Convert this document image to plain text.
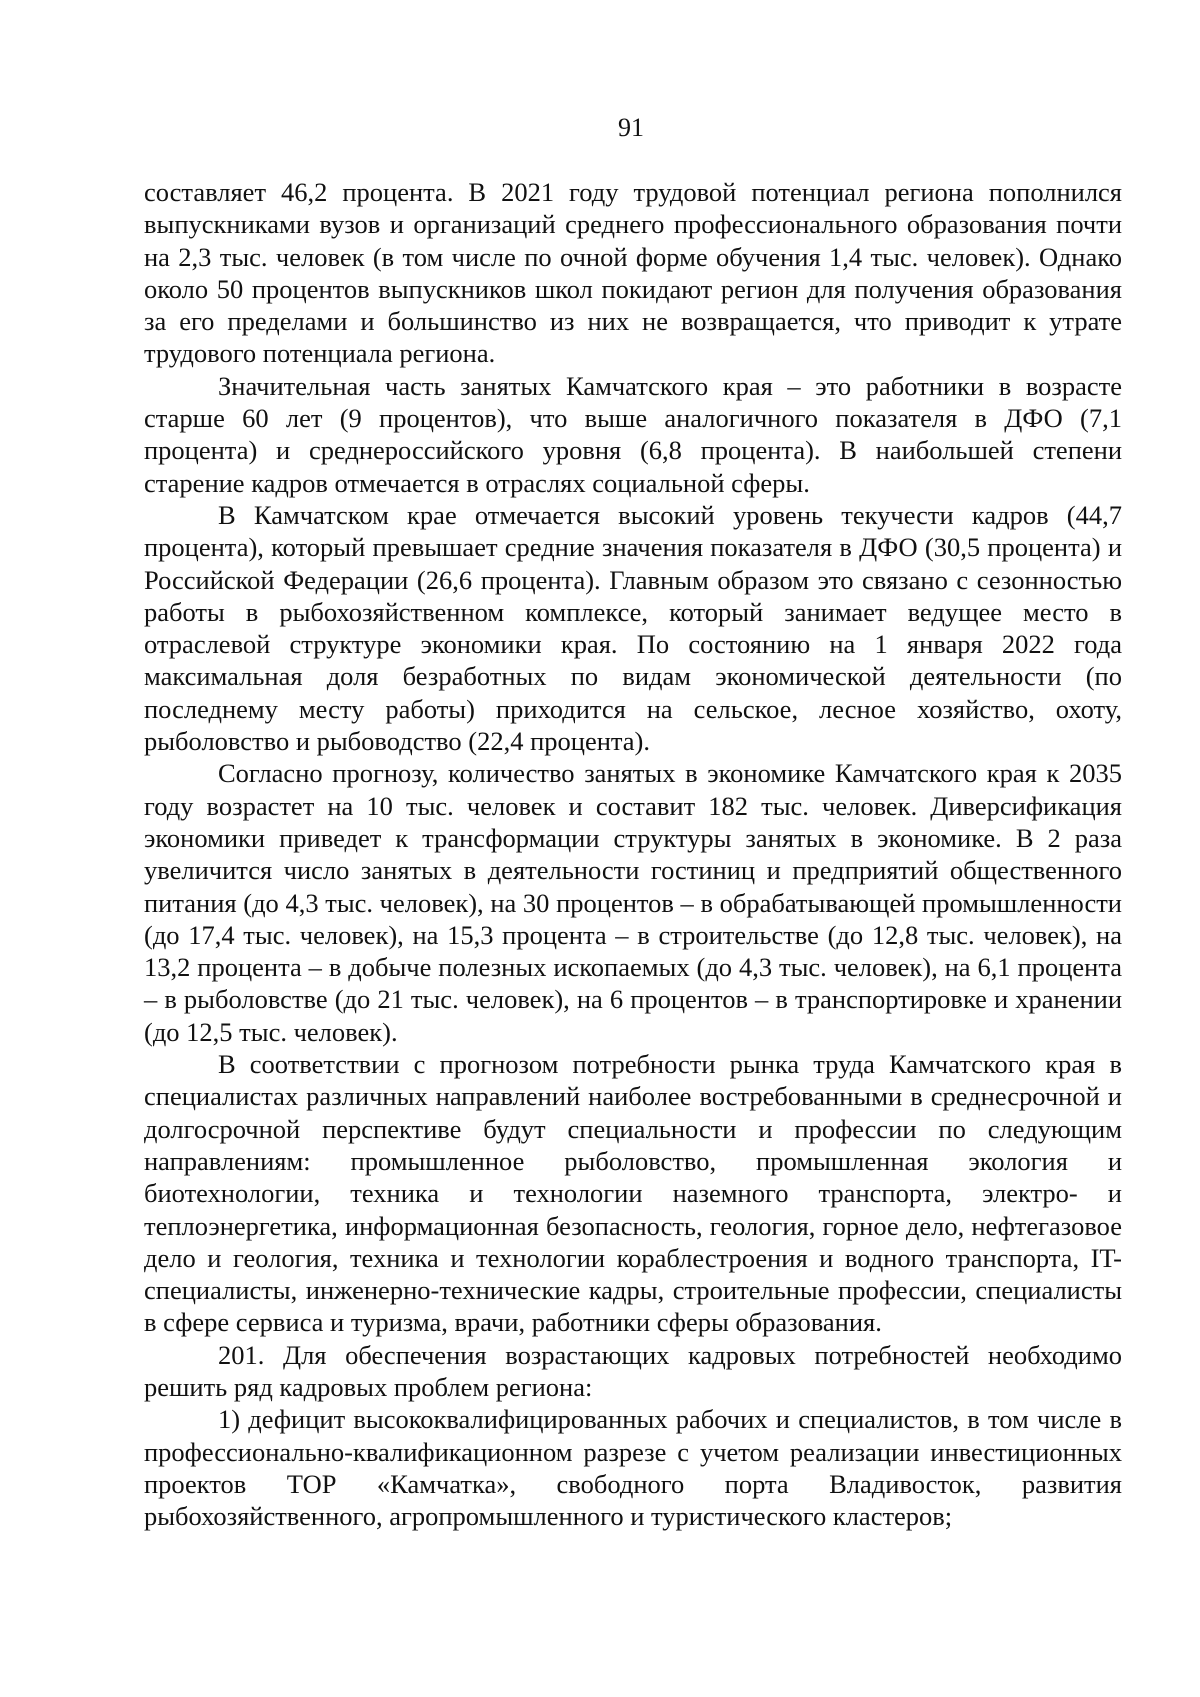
91

составляет 46,2 процента. В 2021 году трудовой потенциал региона пополнился выпускниками вузов и организаций среднего профессионального образования почти на 2,3 тыс. человек (в том числе по очной форме обучения 1,4 тыс. человек). Однако около 50 процентов выпускников школ покидают регион для получения образования за его пределами и большинство из них не возвращается, что приводит к утрате трудового потенциала региона.

Значительная часть занятых Камчатского края – это работники в возрасте старше 60 лет (9 процентов), что выше аналогичного показателя в ДФО (7,1 процента) и среднероссийского уровня (6,8 процента). В наибольшей степени старение кадров отмечается в отраслях социальной сферы.

В Камчатском крае отмечается высокий уровень текучести кадров (44,7 процента), который превышает средние значения показателя в ДФО (30,5 процента) и Российской Федерации (26,6 процента). Главным образом это связано с сезонностью работы в рыбохозяйственном комплексе, который занимает ведущее место в отраслевой структуре экономики края. По состоянию на 1 января 2022 года максимальная доля безработных по видам экономической деятельности (по последнему месту работы) приходится на сельское, лесное хозяйство, охоту, рыболовство и рыбоводство (22,4 процента).

Согласно прогнозу, количество занятых в экономике Камчатского края к 2035 году возрастет на 10 тыс. человек и составит 182 тыс. человек. Диверсификация экономики приведет к трансформации структуры занятых в экономике. В 2 раза увеличится число занятых в деятельности гостиниц и предприятий общественного питания (до 4,3 тыс. человек), на 30 процентов – в обрабатывающей промышленности (до 17,4 тыс. человек), на 15,3 процента – в строительстве (до 12,8 тыс. человек), на 13,2 процента – в добыче полезных ископаемых (до 4,3 тыс. человек), на 6,1 процента – в рыболовстве (до 21 тыс. человек), на 6 процентов – в транспортировке и хранении (до 12,5 тыс. человек).

В соответствии с прогнозом потребности рынка труда Камчатского края в специалистах различных направлений наиболее востребованными в среднесрочной и долгосрочной перспективе будут специальности и профессии по следующим направлениям: промышленное рыболовство, промышленная экология и биотехнологии, техника и технологии наземного транспорта, электро- и теплоэнергетика, информационная безопасность, геология, горное дело, нефтегазовое дело и геология, техника и технологии кораблестроения и водного транспорта, IT-специалисты, инженерно-технические кадры, строительные профессии, специалисты в сфере сервиса и туризма, врачи, работники сферы образования.

201. Для обеспечения возрастающих кадровых потребностей необходимо решить ряд кадровых проблем региона:

1) дефицит высококвалифицированных рабочих и специалистов, в том числе в профессионально-квалификационном разрезе с учетом реализации инвестиционных проектов ТОР «Камчатка», свободного порта Владивосток, развития рыбохозяйственного, агропромышленного и туристического кластеров;
